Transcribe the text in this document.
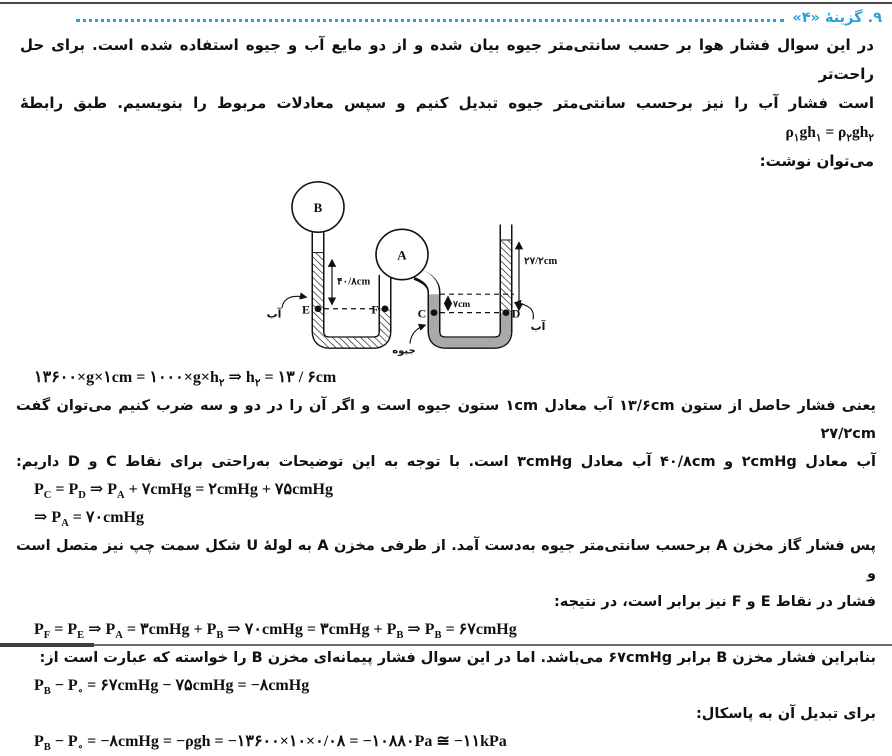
۹. گزینهٔ «۴»
در این سوال فشار هوا بر حسب سانتی‌متر جیوه بیان شده و از دو مایع آب و جیوه استفاده شده است. برای حل راحت‌تر
است فشار آب را نیز برحسب سانتی‌متر جیوه تبدیل کنیم و سپس معادلات مربوط را بنویسیم. طبق رابطهٔ $\rho_۱gh_۱ = \rho_۲gh_۲$
می‌توان نوشت:
B
A
E	F	C	D
۴۰/۸cm
۷cm
۲۷/۲cm
آب
آب
جیوه
۱۳۶۰۰×g×۱cm = $۱۰۰۰\times g\times h_۲$ ⇒ $h_۲$ = ۱۳ / ۶cm
یعنی فشار حاصل از ستون ۱۳/۶cm آب معادل ۱cm ستون جیوه است و اگر آن را در دو و سه ضرب کنیم می‌توان گفت ۲۷/۲cm
آب معادل ۲cmHg و ۴۰/۸cm آب معادل ۳cmHg است. با توجه به این توضیحات به‌راحتی برای نقاط C و D داریم:
$P_C = P_D$ ⇒ $P_A$ + ۷cmHg = ۲cmHg + ۷۵cmHg
⇒ $P_A$ = ۷۰cmHg
پس فشار گاز مخزن A برحسب سانتی‌متر جیوه به‌دست آمد. از طرفی مخزن A به لولهٔ U شکل سمت چپ نیز متصل است و
فشار در نقاط E و F نیز برابر است، در نتیجه:
$P_F = P_E$ ⇒ $P_A$ = ۳cmHg + $P_B$ ⇒ ۷۰cmHg = ۳cmHg + $P_B$ ⇒ $P_B$ = ۶۷cmHg
بنابراین فشار مخزن B برابر ۶۷cmHg می‌باشد. اما در این سوال فشار پیمانه‌ای مخزن B را خواسته که عبارت است از:
$P_B - P_\circ$ = ۶۷cmHg − ۷۵cmHg = −۸cmHg
برای تبدیل آن به پاسکال:
$P_B - P_\circ$ = −۸cmHg = −ρgh = −۱۳۶۰۰×۱۰×۰/۰۸ = −۱۰۸۸۰Pa ≅ −۱۱kPa
